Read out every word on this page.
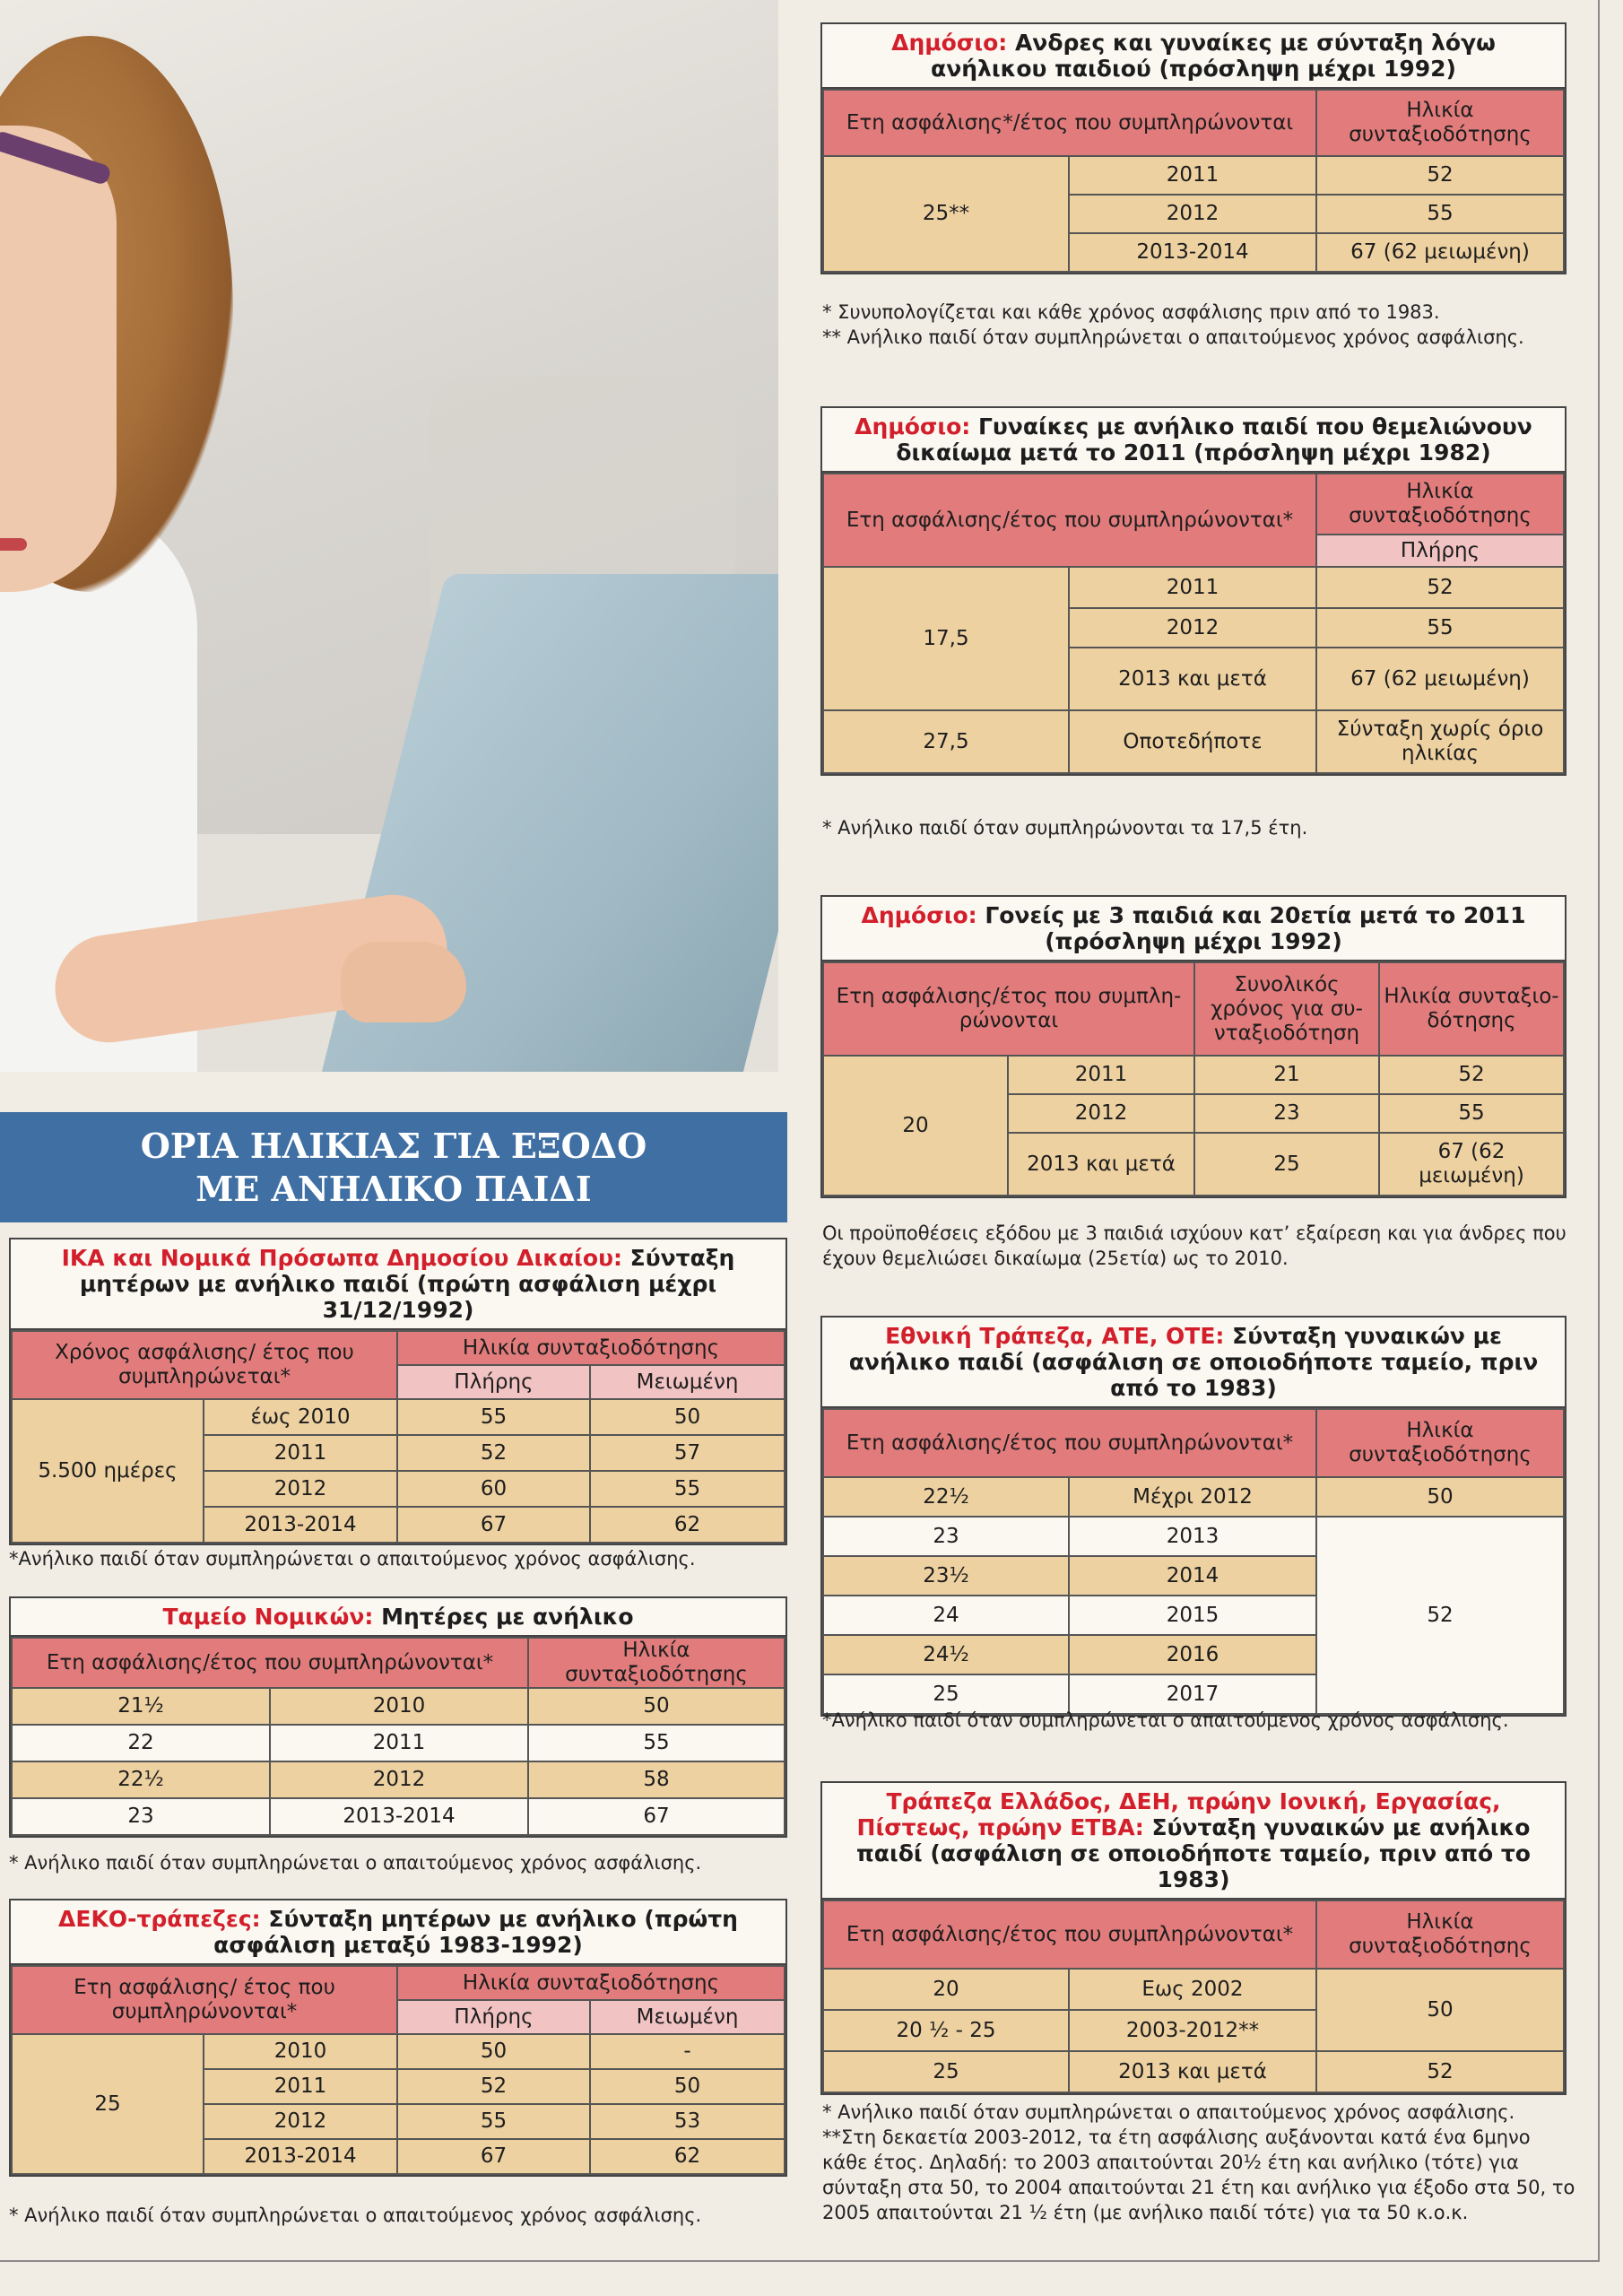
ΟΡΙΑ ΗΛΙΚΙΑΣ ΓΙΑ ΕΞΟΔΟ
ΜΕ ΑΝΗΛΙΚΟ ΠΑΙΔΙ
Δημόσιο: Ανδρες και γυναίκες με σύνταξη λόγω ανήλικου παιδιού (πρόσληψη μέχρι 1992)
Ετη ασφάλισης*/έτος που συμπληρώνονται		Ηλικία συνταξιοδότησης
25**	2011	52
	2012	55
	2013-2014	67 (62 μειωμένη)
* Συνυπολογίζεται και κάθε χρόνος ασφάλισης πριν από το 1983.
** Ανήλικο παιδί όταν συμπληρώνεται ο απαιτούμενος χρόνος ασφάλισης.
Δημόσιο: Γυναίκες με ανήλικο παιδί που θεμελιώνουν δικαίωμα μετά το 2011 (πρόσληψη μέχρι 1982)
Ετη ασφάλισης/έτος που συμπληρώνονται*		Ηλικία συνταξιοδότησης
		Πλήρης
17,5	2011	52
	2012	55
	2013 και μετά	67 (62 μειωμένη)
27,5	Οποτεδήποτε	Σύνταξη χωρίς όριο ηλικίας
* Ανήλικο παιδί όταν συμπληρώνονται τα 17,5 έτη.
Δημόσιο: Γονείς με 3 παιδιά και 20ετία μετά το 2011 (πρόσληψη μέχρι 1992)
Ετη ασφάλισης/έτος που συμπλη-ρώνονται		Συνολικός χρόνος για συ-νταξιοδότηση	Ηλικία συνταξιο-δότησης
20	2011	21	52
	2012	23	55
	2013 και μετά	25	67 (62 μειωμένη)
Οι προϋποθέσεις εξόδου με 3 παιδιά ισχύουν κατ’ εξαίρεση και για άνδρες που έχουν θεμελιώσει δικαίωμα (25ετία) ως το 2010.
Εθνική Τράπεζα, ΑΤΕ, ΟΤΕ: Σύνταξη γυναικών με ανήλικο παιδί (ασφάλιση σε οποιοδήποτε ταμείο, πριν από το 1983)
Ετη ασφάλισης/έτος που συμπληρώνονται*		Ηλικία συνταξιοδότησης
22½	Μέχρι 2012	50
23	2013	52
23½	2014	
24	2015	
24½	2016	
25	2017	
*Ανήλικο παιδί όταν συμπληρώνεται ο απαιτούμενος χρόνος ασφάλισης.
Τράπεζα Ελλάδος, ΔΕΗ, πρώην Ιονική, Εργασίας, Πίστεως, πρώην ΕΤΒΑ: Σύνταξη γυναικών με ανήλικο παιδί (ασφάλιση σε οποιοδήποτε ταμείο, πριν από το 1983)
Ετη ασφάλισης/έτος που συμπληρώνονται*		Ηλικία συνταξιοδότησης
20	Εως 2002	50
20 ½ - 25	2003-2012**	
25	2013 και μετά	52
* Ανήλικο παιδί όταν συμπληρώνεται ο απαιτούμενος χρόνος ασφάλισης.
**Στη δεκαετία 2003-2012, τα έτη ασφάλισης αυξάνονται κατά ένα 6μηνο κάθε έτος. Δηλαδή: το 2003 απαιτούνται 20½ έτη και ανήλικο (τότε) για σύνταξη στα 50, το 2004 απαιτούνται 21 έτη και ανήλικο για έξοδο στα 50, το 2005 απαιτούνται 21 ½ έτη (με ανήλικο παιδί τότε) για τα 50 κ.ο.κ.
ΙΚΑ και Νομικά Πρόσωπα Δημοσίου Δικαίου: Σύνταξη μητέρων με ανήλικο παιδί (πρώτη ασφάλιση μέχρι 31/12/1992)
Χρόνος ασφάλισης/ έτος που συμπληρώνεται*		Ηλικία συνταξιοδότησης	
		Πλήρης	Μειωμένη
5.500 ημέρες	έως 2010	55	50
	2011	52	57
	2012	60	55
	2013-2014	67	62
*Ανήλικο παιδί όταν συμπληρώνεται ο απαιτούμενος χρόνος ασφάλισης.
Ταμείο Νομικών: Μητέρες με ανήλικο
Ετη ασφάλισης/έτος που συμπληρώνονται*		Ηλικία συνταξιοδότησης
21½	2010	50
22	2011	55
22½	2012	58
23	2013-2014	67
* Ανήλικο παιδί όταν συμπληρώνεται ο απαιτούμενος χρόνος ασφάλισης.
ΔΕΚΟ-τράπεζες: Σύνταξη μητέρων με ανήλικο (πρώτη ασφάλιση μεταξύ 1983-1992)
Ετη ασφάλισης/ έτος που συμπληρώνονται*		Ηλικία συνταξιοδότησης	
		Πλήρης	Μειωμένη
25	2010	50	-
	2011	52	50
	2012	55	53
	2013-2014	67	62
* Ανήλικο παιδί όταν συμπληρώνεται ο απαιτούμενος χρόνος ασφάλισης.
